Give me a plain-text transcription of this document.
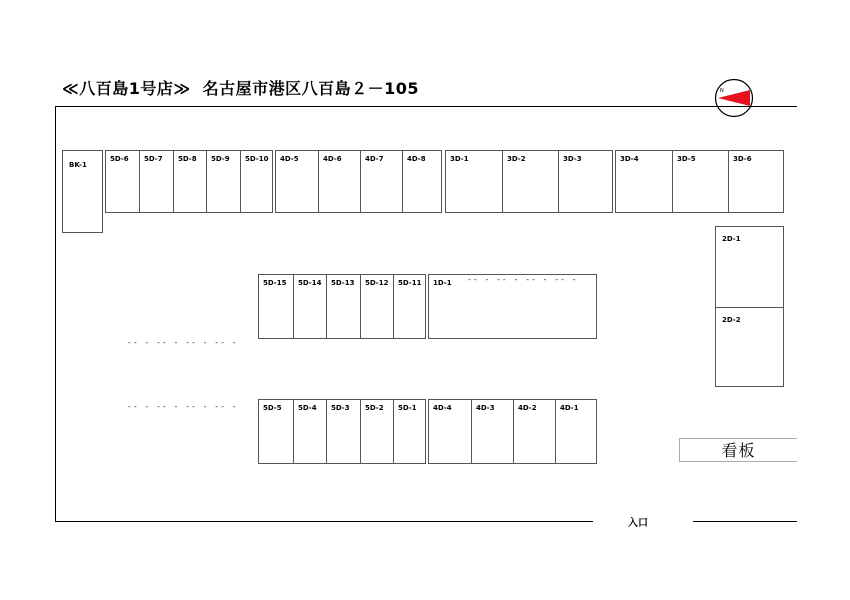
≪八百島1号店≫ 名古屋市港区八百島２－105	N
BK-1
5D-6	5D-7	5D-8	5D-9	5D-10	4D-5	4D-6	4D-7	4D-8	3D-1	3D-2	3D-3	3D-4	3D-5	3D-6
2D-1
2D-2
5D-15	5D-14	5D-13	5D-12	5D-11	1D-1	-- - -- - -- - -- -
-- - -- - -- - -- -
-- - -- - -- - -- -	5D-5	5D-4	5D-3	5D-2	5D-1	4D-4	4D-3	4D-2	4D-1
看板
入口
